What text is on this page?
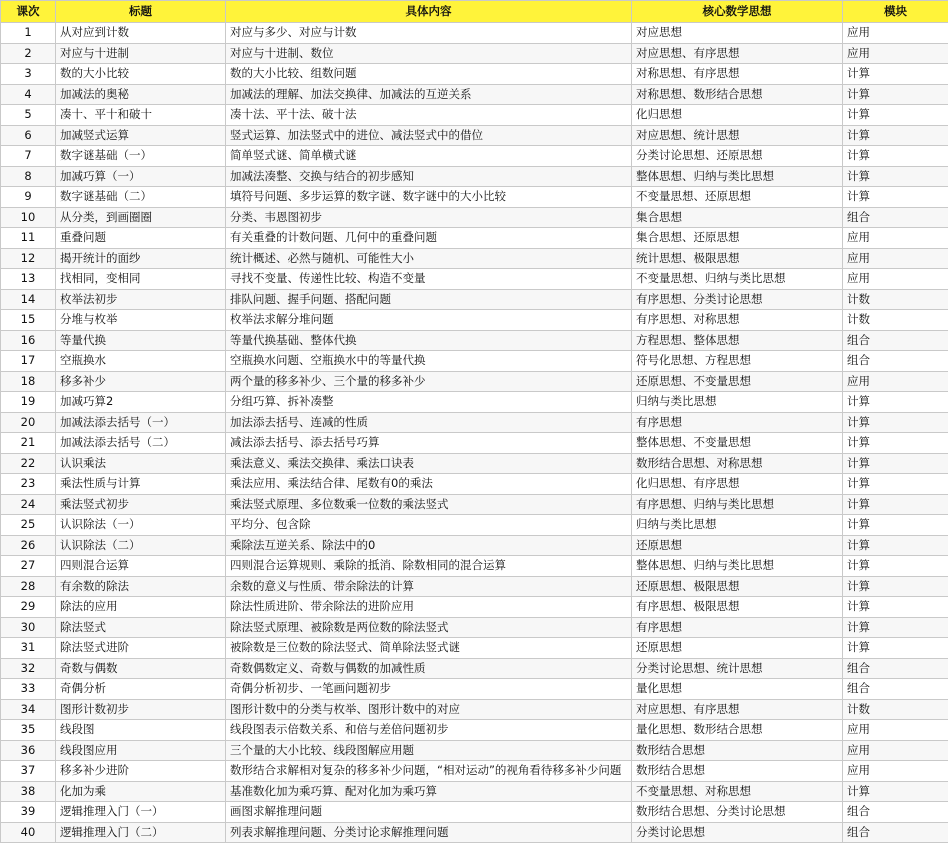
课次	标题	具体内容	核心数学思想	模块
1	从对应到计数	对应与多少、对应与计数	对应思想	应用
2	对应与十进制	对应与十进制、数位	对应思想、有序思想	应用
3	数的大小比较	数的大小比较、组数问题	对称思想、有序思想	计算
4	加减法的奥秘	加减法的理解、加法交换律、加减法的互逆关系	对称思想、数形结合思想	计算
5	凑十、平十和破十	凑十法、平十法、破十法	化归思想	计算
6	加减竖式运算	竖式运算、加法竖式中的进位、减法竖式中的借位	对应思想、统计思想	计算
7	数字谜基础（一）	简单竖式谜、简单横式谜	分类讨论思想、还原思想	计算
8	加减巧算（一）	加减法凑整、交换与结合的初步感知	整体思想、归纳与类比思想	计算
9	数字谜基础（二）	填符号问题、多步运算的数字谜、数字谜中的大小比较	不变量思想、还原思想	计算
10	从分类，到画圈圈	分类、韦恩图初步	集合思想	组合
11	重叠问题	有关重叠的计数问题、几何中的重叠问题	集合思想、还原思想	应用
12	揭开统计的面纱	统计概述、必然与随机、可能性大小	统计思想、极限思想	应用
13	找相同，变相同	寻找不变量、传递性比较、构造不变量	不变量思想、归纳与类比思想	应用
14	枚举法初步	排队问题、握手问题、搭配问题	有序思想、分类讨论思想	计数
15	分堆与枚举	枚举法求解分堆问题	有序思想、对称思想	计数
16	等量代换	等量代换基础、整体代换	方程思想、整体思想	组合
17	空瓶换水	空瓶换水问题、空瓶换水中的等量代换	符号化思想、方程思想	组合
18	移多补少	两个量的移多补少、三个量的移多补少	还原思想、不变量思想	应用
19	加减巧算2	分组巧算、拆补凑整	归纳与类比思想	计算
20	加减法添去括号（一）	加法添去括号、连减的性质	有序思想	计算
21	加减法添去括号（二）	减法添去括号、添去括号巧算	整体思想、不变量思想	计算
22	认识乘法	乘法意义、乘法交换律、乘法口诀表	数形结合思想、对称思想	计算
23	乘法性质与计算	乘法应用、乘法结合律、尾数有0的乘法	化归思想、有序思想	计算
24	乘法竖式初步	乘法竖式原理、多位数乘一位数的乘法竖式	有序思想、归纳与类比思想	计算
25	认识除法（一）	平均分、包含除	归纳与类比思想	计算
26	认识除法（二）	乘除法互逆关系、除法中的0	还原思想	计算
27	四则混合运算	四则混合运算规则、乘除的抵消、除数相同的混合运算	整体思想、归纳与类比思想	计算
28	有余数的除法	余数的意义与性质、带余除法的计算	还原思想、极限思想	计算
29	除法的应用	除法性质进阶、带余除法的进阶应用	有序思想、极限思想	计算
30	除法竖式	除法竖式原理、被除数是两位数的除法竖式	有序思想	计算
31	除法竖式进阶	被除数是三位数的除法竖式、简单除法竖式谜	还原思想	计算
32	奇数与偶数	奇数偶数定义、奇数与偶数的加减性质	分类讨论思想、统计思想	组合
33	奇偶分析	奇偶分析初步、一笔画问题初步	量化思想	组合
34	图形计数初步	图形计数中的分类与枚举、图形计数中的对应	对应思想、有序思想	计数
35	线段图	线段图表示倍数关系、和倍与差倍问题初步	量化思想、数形结合思想	应用
36	线段图应用	三个量的大小比较、线段图解应用题	数形结合思想	应用
37	移多补少进阶	数形结合求解相对复杂的移多补少问题，“相对运动”的视角看待移多补少问题	数形结合思想	应用
38	化加为乘	基准数化加为乘巧算、配对化加为乘巧算	不变量思想、对称思想	计算
39	逻辑推理入门（一）	画图求解推理问题	数形结合思想、分类讨论思想	组合
40	逻辑推理入门（二）	列表求解推理问题、分类讨论求解推理问题	分类讨论思想	组合
